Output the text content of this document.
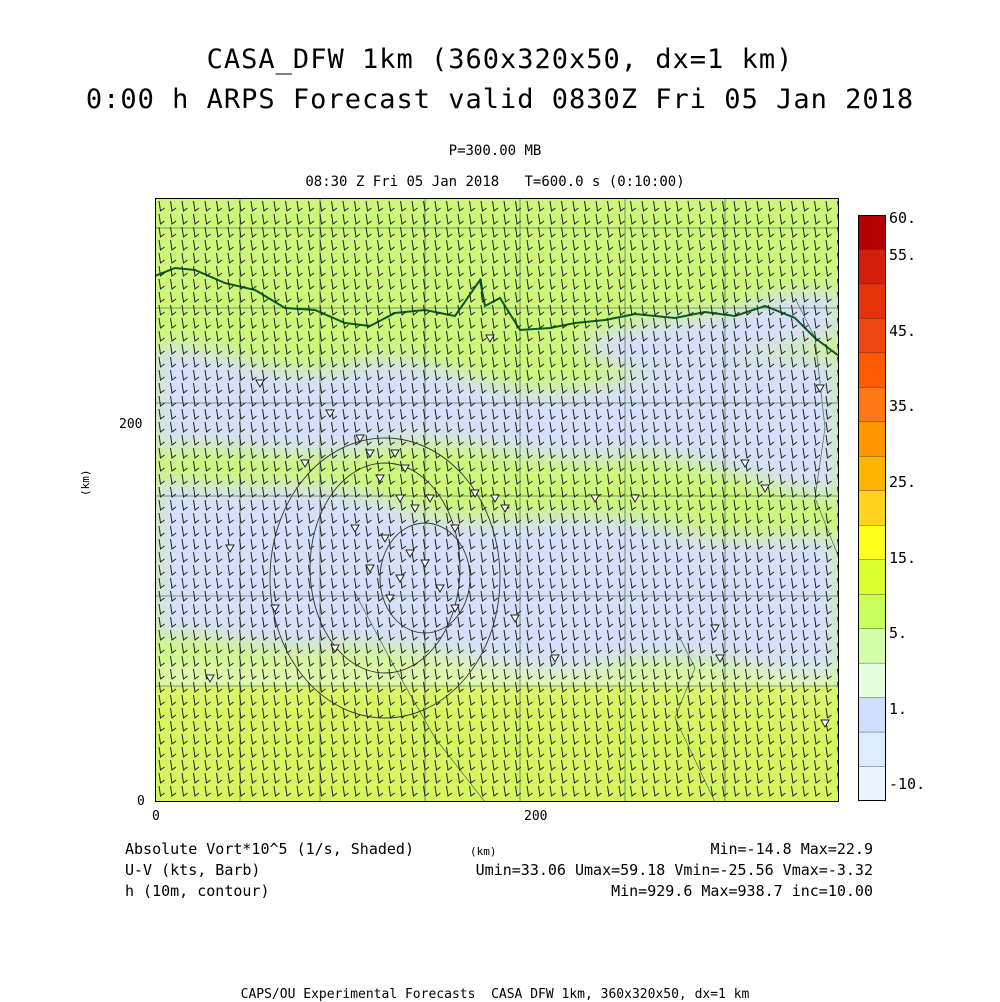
CASA_DFW 1km (360x320x50, dx=1 km)
0:00 h ARPS Forecast valid 0830Z Fri 05 Jan 2018
P=300.00 MB
08:30 Z Fri 05 Jan 2018   T=600.0 s (0:10:00)
0
200
0	200
(km)
(km)
60.
55.
45.
35.
25.
15.
5.
1.
-10.
Absolute Vort*10^5 (1/s, Shaded)	Min=-14.8 Max=22.9
U-V (kts, Barb)	Umin=33.06 Umax=59.18 Vmin=-25.56 Vmax=-3.32
h (10m, contour)	Min=929.6 Max=938.7 inc=10.00
CAPS/OU Experimental Forecasts  CASA DFW 1km, 360x320x50, dx=1 km
